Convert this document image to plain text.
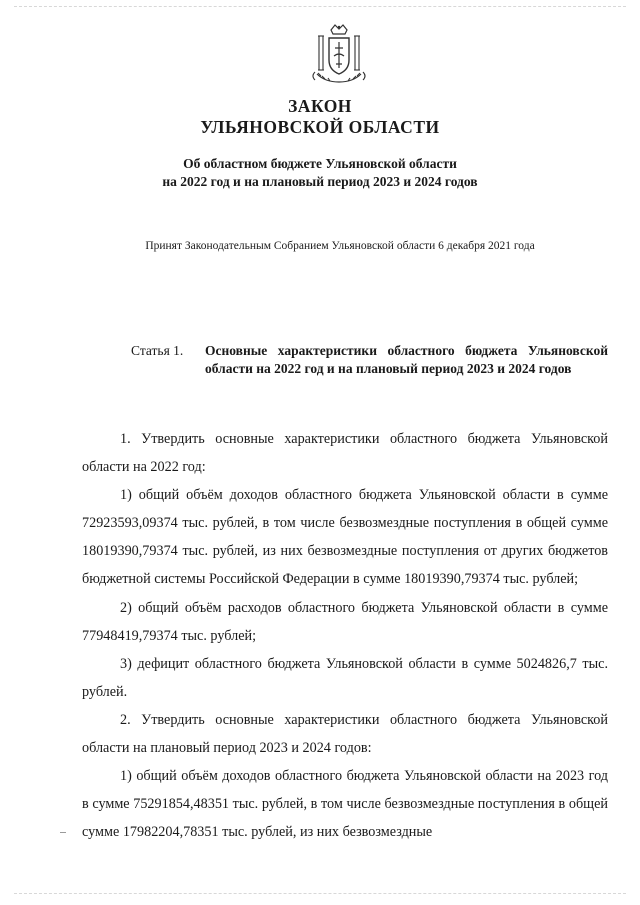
ЗАКОН
УЛЬЯНОВСКОЙ ОБЛАСТИ
Об областном бюджете Ульяновской области
на 2022 год и на плановый период 2023 и 2024 годов
Принят Законодательным Собранием Ульяновской области 6 декабря 2021 года
Статья 1.	Основные характеристики областного бюджета Ульяновской области на 2022 год и на плановый период 2023 и 2024 годов

1. Утвердить основные характеристики областного бюджета Ульяновской области на 2022 год:

1) общий объём доходов областного бюджета Ульяновской области в сумме 72923593,09374 тыс. рублей, в том числе безвозмездные поступления в общей сумме 18019390,79374 тыс. рублей, из них безвозмездные поступления от других бюджетов бюджетной системы Российской Федерации в сумме 18019390,79374 тыс. рублей;

2) общий объём расходов областного бюджета Ульяновской области в сумме 77948419,79374 тыс. рублей;

3) дефицит областного бюджета Ульяновской области в сумме 5024826,7 тыс. рублей.

2. Утвердить основные характеристики областного бюджета Ульяновской области на плановый период 2023 и 2024 годов:

1) общий объём доходов областного бюджета Ульяновской области на 2023 год в сумме 75291854,48351 тыс. рублей, в том числе безвозмездные поступления в общей сумме 17982204,78351 тыс. рублей, из них безвозмездные
